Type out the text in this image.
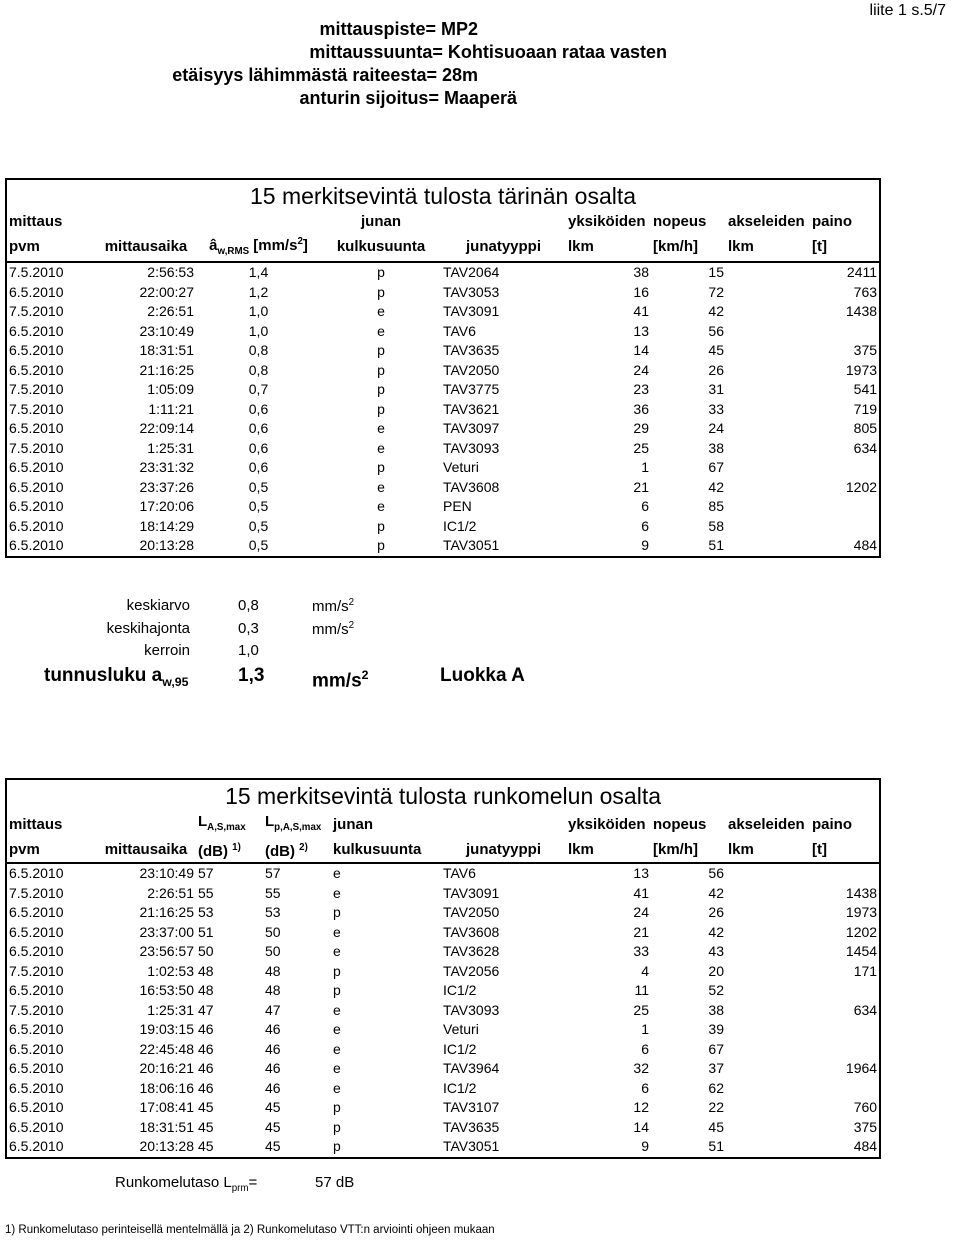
liite 1 s.5/7
mittauspiste= MP2
mittaussuunta= Kohtisuoaan rataa vasten
etäisyys lähimmästä raiteesta= 28m
anturin sijoitus= Maaperä
15 merkitsevintä tulosta tärinän osalta								
mittaus			junan		yksiköiden	nopeus	akseleiden	paino
pvm	mittausaika	$â_{w,RMS}$ $[mm/s^2]$	kulkusuunta	junatyyppi	lkm	[km/h]	lkm	[t]
7.5.2010	2:56:53	1,4	p	TAV2064	38	15		2411
6.5.2010	22:00:27	1,2	p	TAV3053	16	72		763
7.5.2010	2:26:51	1,0	e	TAV3091	41	42		1438
6.5.2010	23:10:49	1,0	e	TAV6	13	56		
6.5.2010	18:31:51	0,8	p	TAV3635	14	45		375
6.5.2010	21:16:25	0,8	p	TAV2050	24	26		1973
7.5.2010	1:05:09	0,7	p	TAV3775	23	31		541
7.5.2010	1:11:21	0,6	p	TAV3621	36	33		719
6.5.2010	22:09:14	0,6	e	TAV3097	29	24		805
7.5.2010	1:25:31	0,6	e	TAV3093	25	38		634
6.5.2010	23:31:32	0,6	p	Veturi	1	67		
6.5.2010	23:37:26	0,5	e	TAV3608	21	42		1202
6.5.2010	17:20:06	0,5	e	PEN	6	85		
6.5.2010	18:14:29	0,5	p	IC1/2	6	58		
6.5.2010	20:13:28	0,5	p	TAV3051	9	51		484
keskiarvo	0,8	$mm/s^2$
keskihajonta	0,3	$mm/s^2$
kerroin	1,0
tunnusluku $a_{w,95}$	1,3	$mm/s^2$	Luokka A
15 merkitsevintä tulosta runkomelun osalta									
mittaus		$L_{A,S,max}$	$L_{p,A,S,max}$	junan		yksiköiden	nopeus	akseleiden	paino
pvm	mittausaika	(dB) $^{1)}$	(dB) $^{2)}$	kulkusuunta	junatyyppi	lkm	[km/h]	lkm	[t]
6.5.2010	23:10:49	57	57	e	TAV6	13	56		
7.5.2010	2:26:51	55	55	e	TAV3091	41	42		1438
6.5.2010	21:16:25	53	53	p	TAV2050	24	26		1973
6.5.2010	23:37:00	51	50	e	TAV3608	21	42		1202
6.5.2010	23:56:57	50	50	e	TAV3628	33	43		1454
7.5.2010	1:02:53	48	48	p	TAV2056	4	20		171
6.5.2010	16:53:50	48	48	p	IC1/2	11	52		
7.5.2010	1:25:31	47	47	e	TAV3093	25	38		634
6.5.2010	19:03:15	46	46	e	Veturi	1	39		
6.5.2010	22:45:48	46	46	e	IC1/2	6	67		
6.5.2010	20:16:21	46	46	e	TAV3964	32	37		1964
6.5.2010	18:06:16	46	46	e	IC1/2	6	62		
6.5.2010	17:08:41	45	45	p	TAV3107	12	22		760
6.5.2010	18:31:51	45	45	p	TAV3635	14	45		375
6.5.2010	20:13:28	45	45	p	TAV3051	9	51		484
Runkomelutaso $L_{prm}=$	57 dB
1) Runkomelutaso perinteisellä mentelmällä ja 2) Runkomelutaso VTT:n arviointi ohjeen mukaan
